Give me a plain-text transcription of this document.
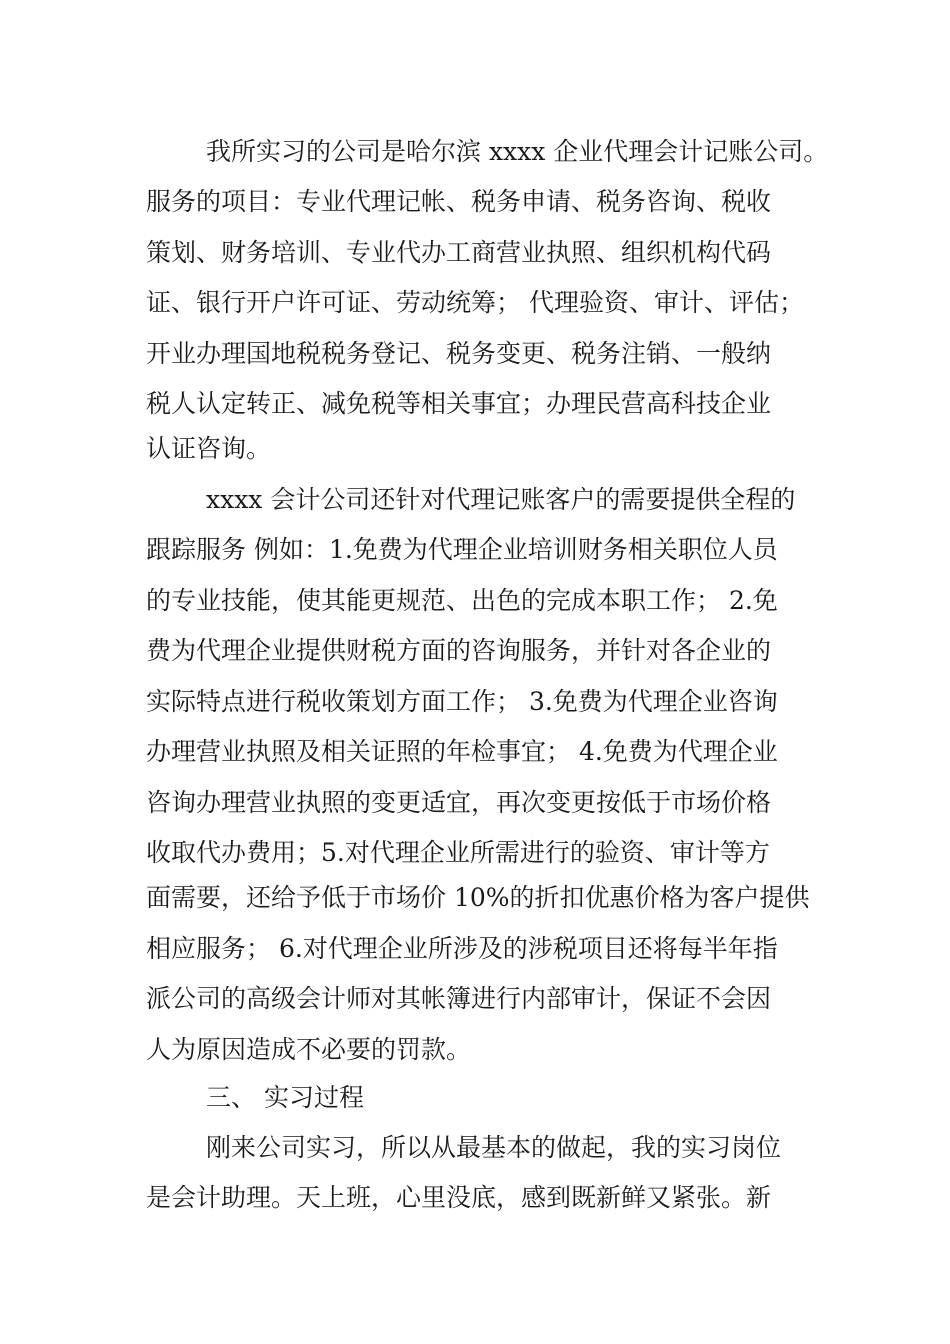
我所实习的公司是哈尔滨 xxxx 企业代理会计记账公司。

服务的项目：专业代理记帐、税务申请、税务咨询、税收

策划、财务培训、专业代办工商营业执照、组织机构代码

证、银行开户许可证、劳动统筹； 代理验资、审计、评估；

开业办理国地税税务登记、税务变更、税务注销、一般纳

税人认定转正、减免税等相关事宜；办理民营高科技企业

认证咨询。

xxxx 会计公司还针对代理记账客户的需要提供全程的

跟踪服务 例如：1.免费为代理企业培训财务相关职位人员

的专业技能，使其能更规范、出色的完成本职工作； 2.免

费为代理企业提供财税方面的咨询服务，并针对各企业的

实际特点进行税收策划方面工作； 3.免费为代理企业咨询

办理营业执照及相关证照的年检事宜； 4.免费为代理企业

咨询办理营业执照的变更适宜，再次变更按低于市场价格

收取代办费用；5.对代理企业所需进行的验资、审计等方

面需要，还给予低于市场价 10%的折扣优惠价格为客户提供

相应服务； 6.对代理企业所涉及的涉税项目还将每半年指

派公司的高级会计师对其帐簿进行内部审计，保证不会因

人为原因造成不必要的罚款。

三、 实习过程

刚来公司实习，所以从最基本的做起，我的实习岗位

是会计助理。天上班，心里没底，感到既新鲜又紧张。新
